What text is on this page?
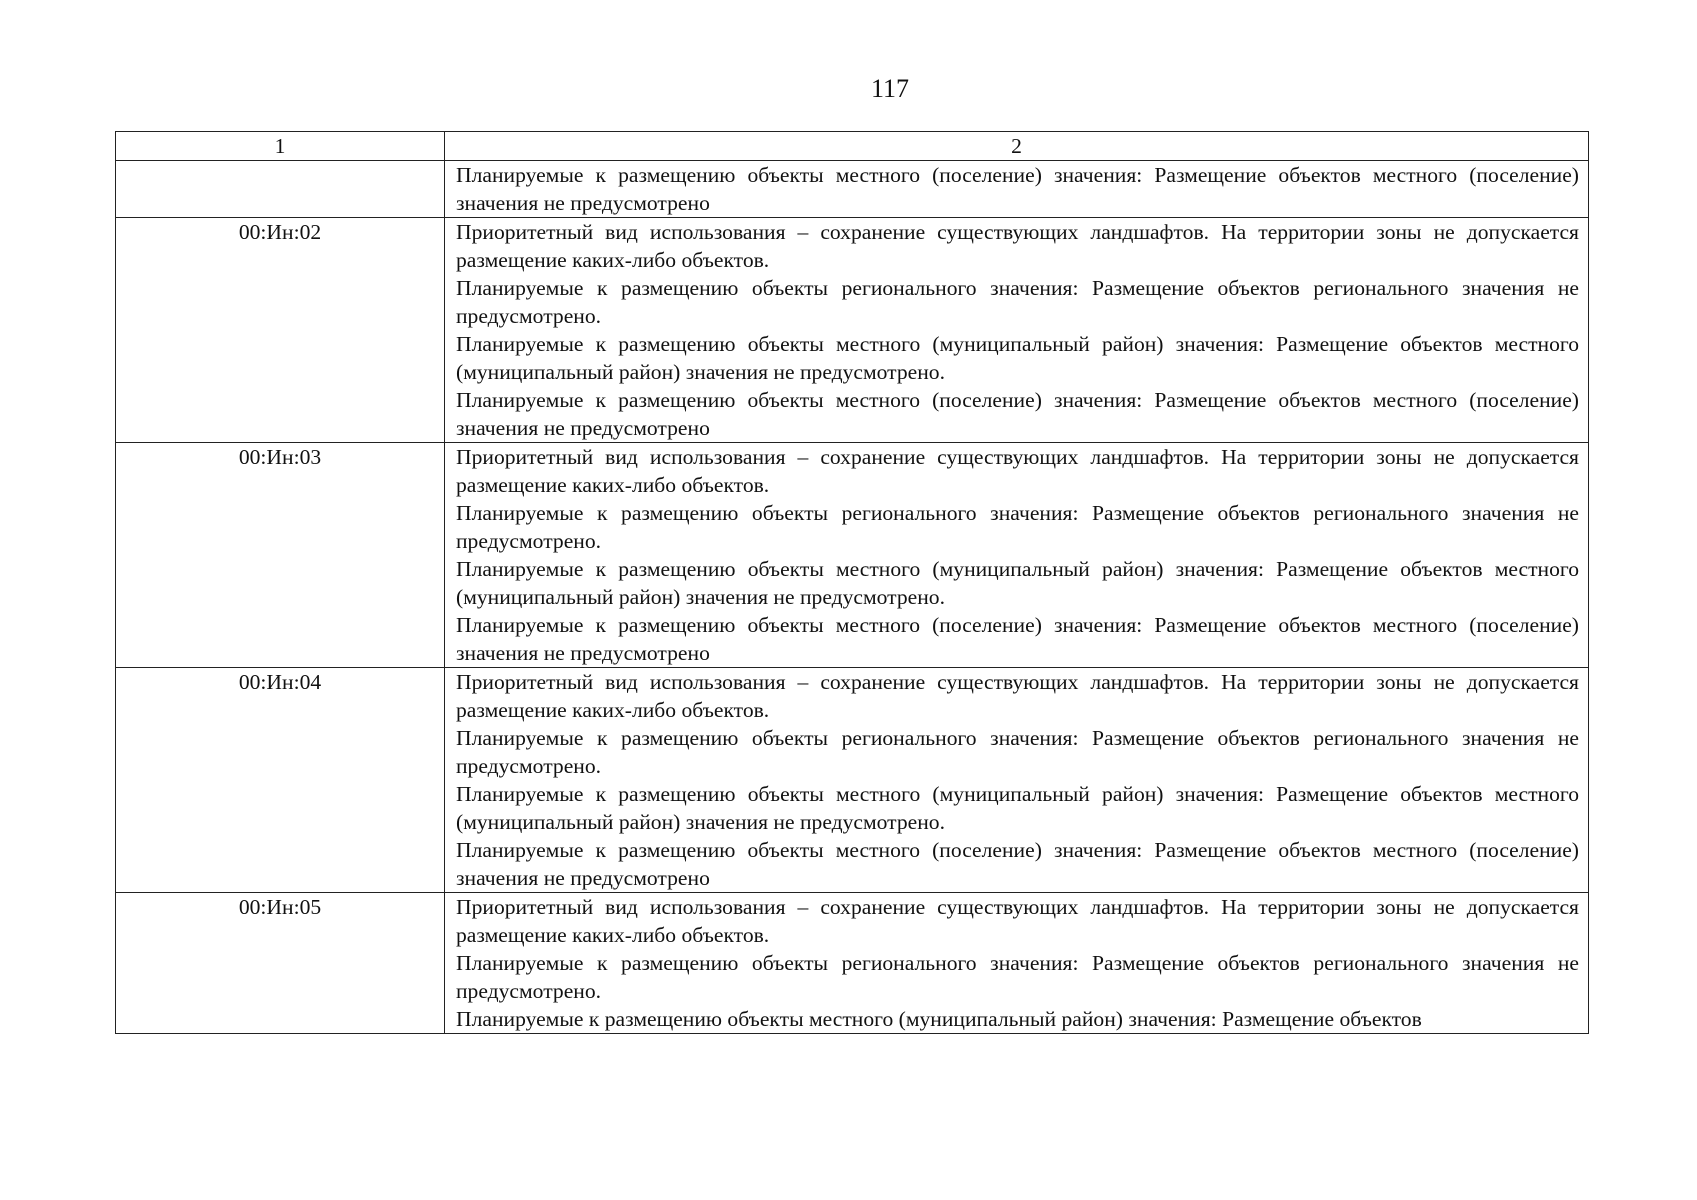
117
1	2

	Планируемые к размещению объекты местного (поселение) значения: Размещение объектов местного (поселение) значения не предусмотрено

00:Ин:02	Приоритетный вид использования – сохранение существующих ландшафтов. На территории зоны не допускается размещение каких-либо объектов.

Планируемые к размещению объекты регионального значения: Размещение объектов регионального значения не предусмотрено.

Планируемые к размещению объекты местного (муниципальный район) значения: Размещение объектов местного (муниципальный район) значения не предусмотрено.

Планируемые к размещению объекты местного (поселение) значения: Размещение объектов местного (поселение) значения не предусмотрено

00:Ин:03	Приоритетный вид использования – сохранение существующих ландшафтов. На территории зоны не допускается размещение каких-либо объектов.

Планируемые к размещению объекты регионального значения: Размещение объектов регионального значения не предусмотрено.

Планируемые к размещению объекты местного (муниципальный район) значения: Размещение объектов местного (муниципальный район) значения не предусмотрено.

Планируемые к размещению объекты местного (поселение) значения: Размещение объектов местного (поселение) значения не предусмотрено

00:Ин:04	Приоритетный вид использования – сохранение существующих ландшафтов. На территории зоны не допускается размещение каких-либо объектов.

Планируемые к размещению объекты регионального значения: Размещение объектов регионального значения не предусмотрено.

Планируемые к размещению объекты местного (муниципальный район) значения: Размещение объектов местного (муниципальный район) значения не предусмотрено.

Планируемые к размещению объекты местного (поселение) значения: Размещение объектов местного (поселение) значения не предусмотрено

00:Ин:05	Приоритетный вид использования – сохранение существующих ландшафтов. На территории зоны не допускается размещение каких-либо объектов.

Планируемые к размещению объекты регионального значения: Размещение объектов регионального значения не предусмотрено.

Планируемые к размещению объекты местного (муниципальный район) значения: Размещение объектов
